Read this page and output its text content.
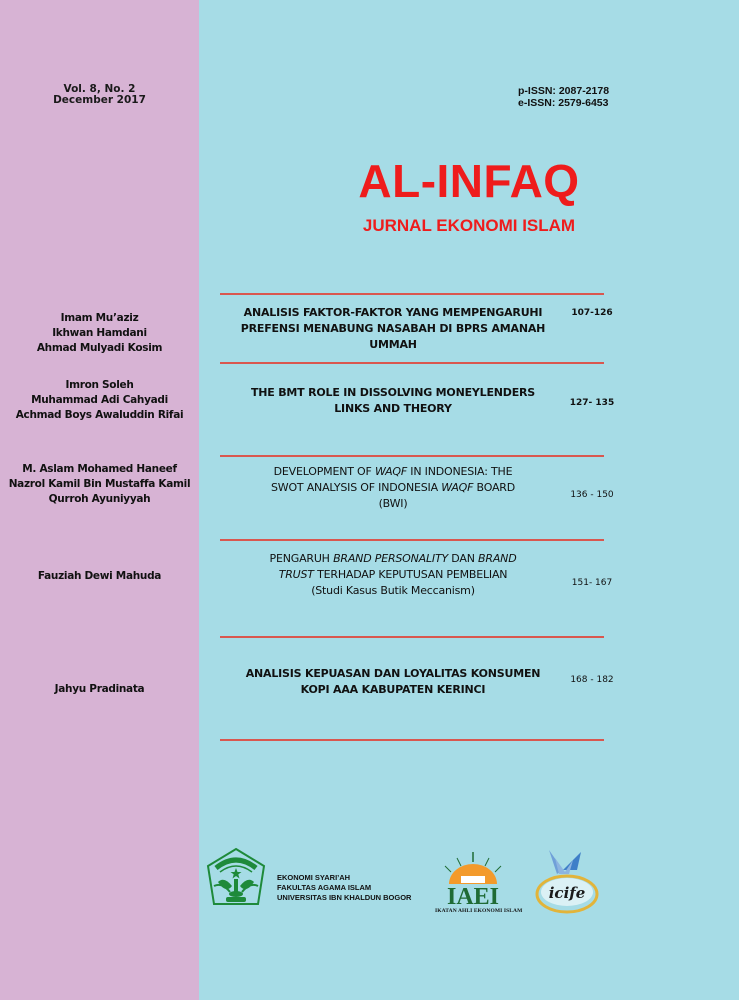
Vol. 8, No. 2
December 2017
p-ISSN: 2087-2178
e-ISSN: 2579-6453
AL-INFAQ
JURNAL EKONOMI ISLAM
Imam Mu’aziz
Ikhwan Hamdani
Ahmad Mulyadi Kosim
ANALISIS FAKTOR-FAKTOR YANG MEMPENGARUHI
PREFENSI MENABUNG NASABAH DI BPRS AMANAH
UMMAH
107-126
Imron Soleh
Muhammad Adi Cahyadi
Achmad Boys Awaluddin Rifai
THE BMT ROLE IN DISSOLVING MONEYLENDERS
LINKS AND THEORY	127- 135
M. Aslam Mohamed Haneef
Nazrol Kamil Bin Mustaffa Kamil
Qurroh Ayuniyyah
DEVELOPMENT OF WAQF IN INDONESIA: THE
SWOT ANALYSIS OF INDONESIA WAQF BOARD
(BWI)
136 - 150
Fauziah Dewi Mahuda
PENGARUH BRAND PERSONALITY DAN BRAND
TRUST TERHADAP KEPUTUSAN PEMBELIAN
(Studi Kasus Butik Meccanism)
151- 167
Jahyu Pradinata
ANALISIS KEPUASAN DAN LOYALITAS KONSUMEN
KOPI AAA KABUPATEN KERINCI
168 - 182
EKONOMI SYARI’AH
FAKULTAS AGAMA ISLAM
UNIVERSITAS IBN KHALDUN BOGOR IAEI
IKATAN AHLI EKONOMI ISLAM
icife
